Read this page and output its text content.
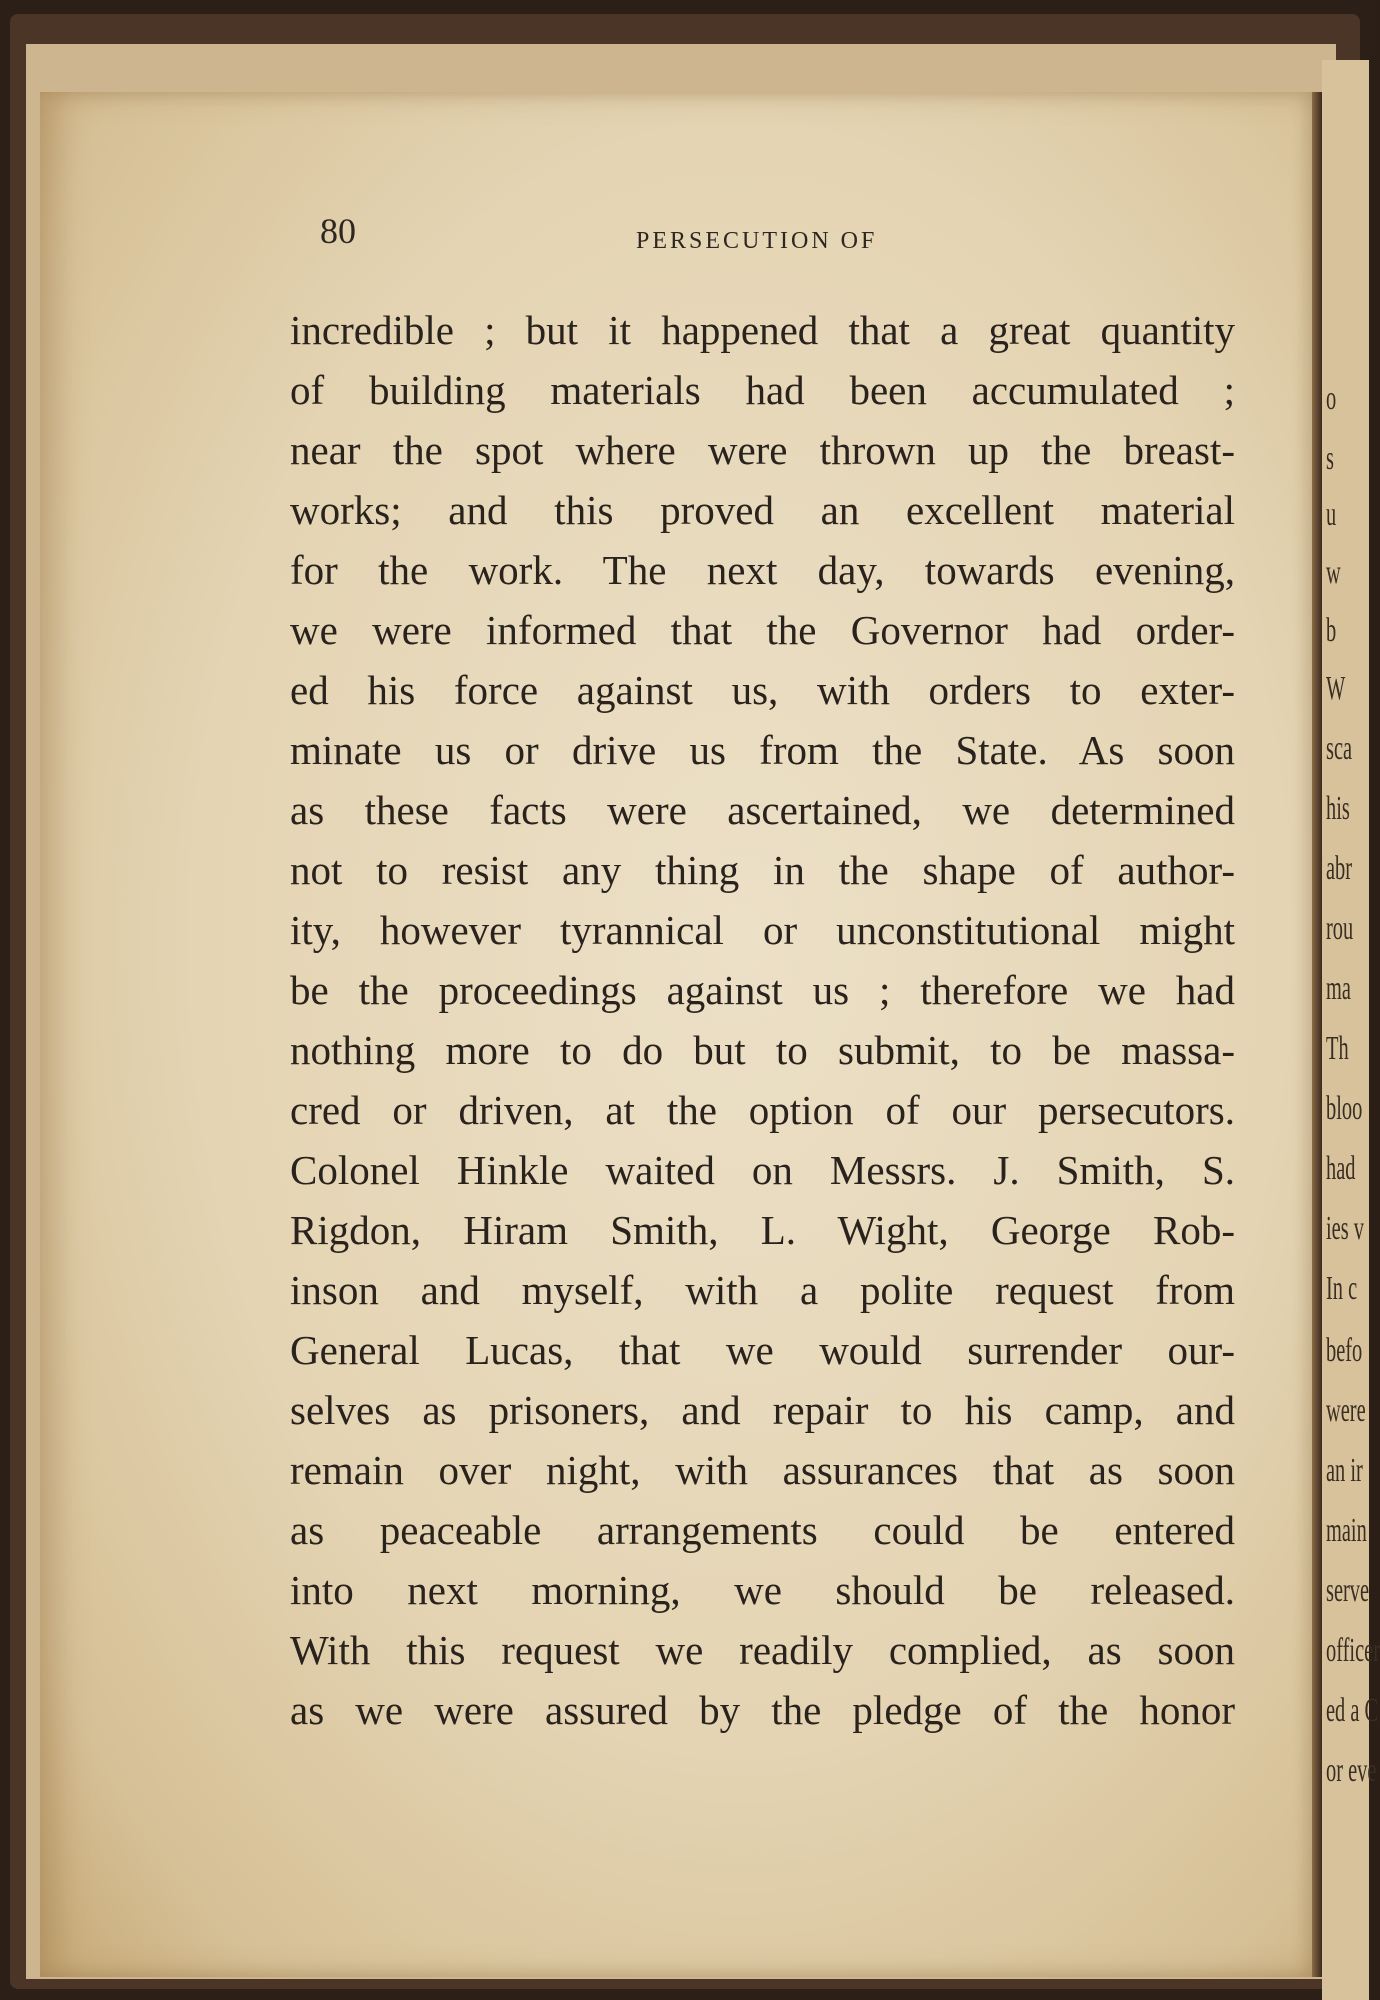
80	PERSECUTION OF
incredible ; but it happened that a great quantity
of building materials had been accumulated ;
near the spot where were thrown up the breast-
works; and this proved an excellent material
for the work. The next day, towards evening,
we were informed that the Governor had order-
ed his force against us, with orders to exter-
minate us or drive us from the State. As soon
as these facts were ascertained, we determined
not to resist any thing in the shape of author-
ity, however tyrannical or unconstitutional might
be the proceedings against us ; therefore we had
nothing more to do but to submit, to be massa-
cred or driven, at the option of our persecutors.
Colonel Hinkle waited on Messrs. J. Smith, S.
Rigdon, Hiram Smith, L. Wight, George Rob-
inson and myself, with a polite request from
General Lucas, that we would surrender our-
selves as prisoners, and repair to his camp, and
remain over night, with assurances that as soon
as peaceable arrangements could be entered
into next morning, we should be released.
With this request we readily complied, as soon
as we were assured by the pledge of the honor
o
s
u
w
b
W
sca
his
abr
rou
ma
Th
bloo
had
ies v
In c
befo
were
an ir
main
serve
officer
ed a C
or eve
